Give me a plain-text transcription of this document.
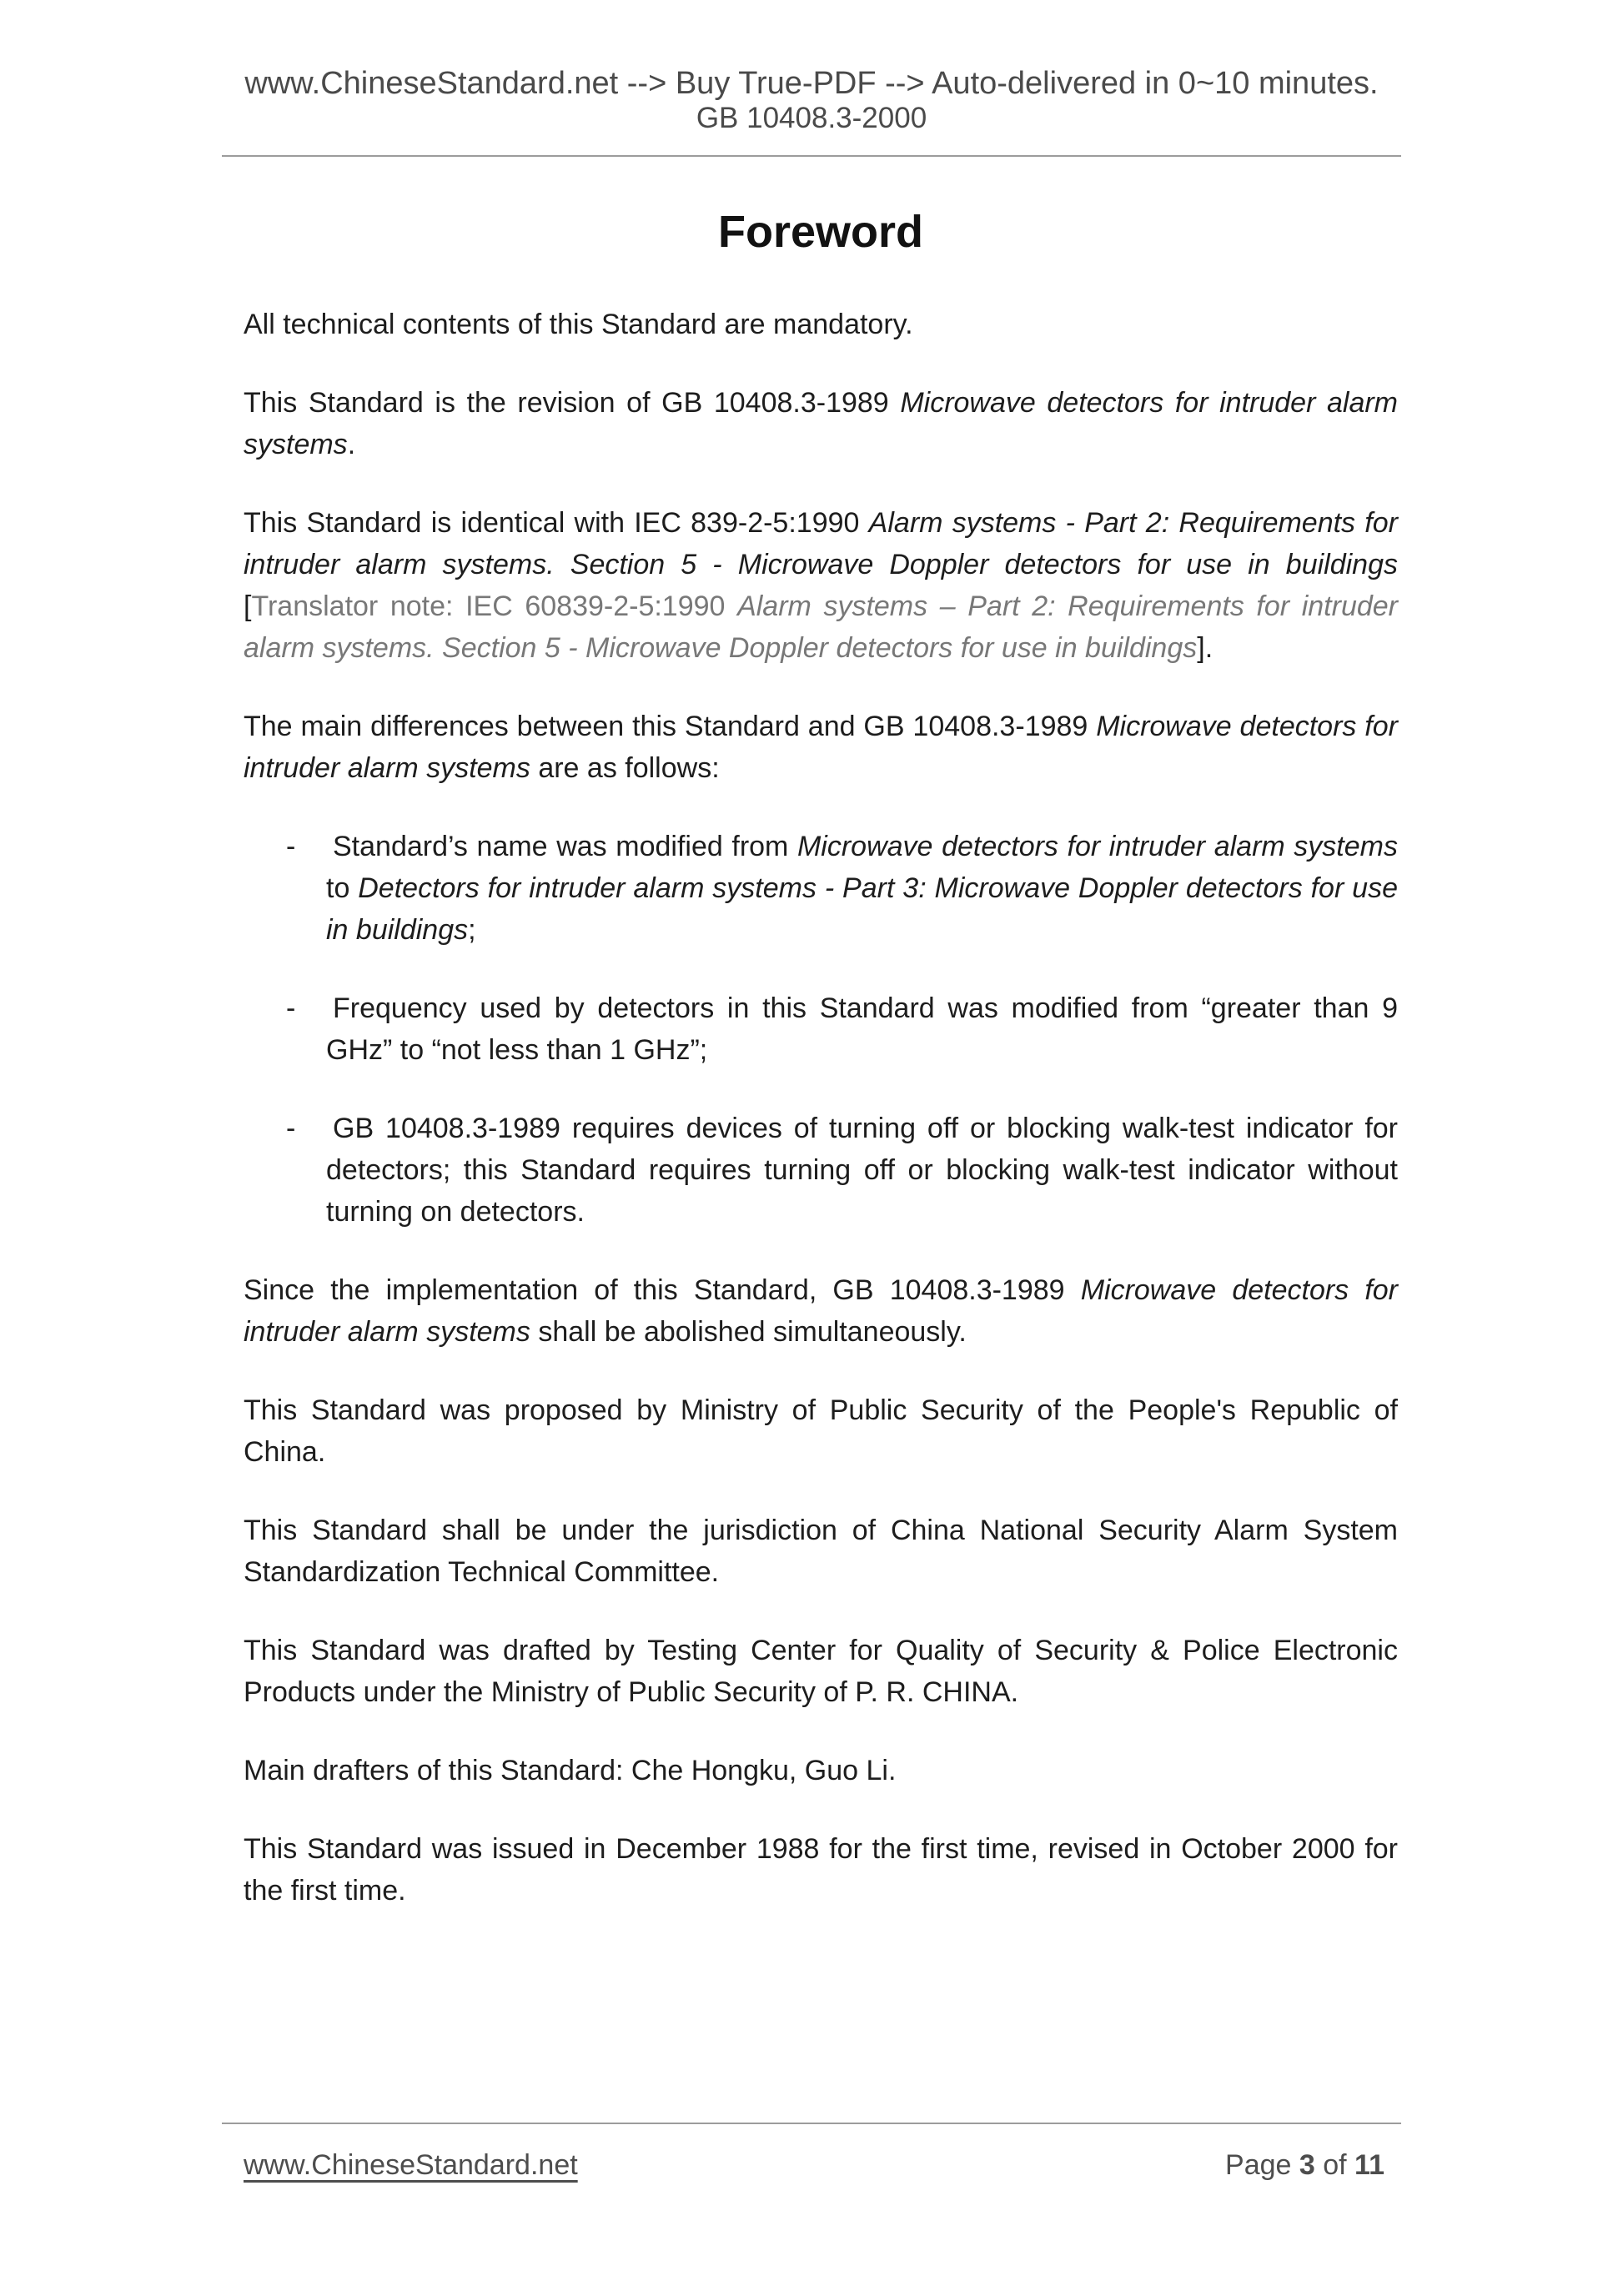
www.ChineseStandard.net --> Buy True-PDF --> Auto-delivered in 0~10 minutes.
GB 10408.3-2000
Foreword

All technical contents of this Standard are mandatory.

This Standard is the revision of GB 10408.3-1989 Microwave detectors for intruder alarm systems.

This Standard is identical with IEC 839-2-5:1990 Alarm systems - Part 2: Requirements for intruder alarm systems. Section 5 - Microwave Doppler detectors for use in buildings [Translator note: IEC 60839-2-5:1990 Alarm systems – Part 2: Requirements for intruder alarm systems. Section 5 - Microwave Doppler detectors for use in buildings].

The main differences between this Standard and GB 10408.3-1989 Microwave detectors for intruder alarm systems are as follows:

- Standard’s name was modified from Microwave detectors for intruder alarm systems to Detectors for intruder alarm systems - Part 3: Microwave Doppler detectors for use in buildings;

- Frequency used by detectors in this Standard was modified from “greater than 9 GHz” to “not less than 1 GHz”;

- GB 10408.3-1989 requires devices of turning off or blocking walk-test indicator for detectors; this Standard requires turning off or blocking walk-test indicator without turning on detectors.

Since the implementation of this Standard, GB 10408.3-1989 Microwave detectors for intruder alarm systems shall be abolished simultaneously.

This Standard was proposed by Ministry of Public Security of the People's Republic of China.

This Standard shall be under the jurisdiction of China National Security Alarm System Standardization Technical Committee.

This Standard was drafted by Testing Center for Quality of Security & Police Electronic Products under the Ministry of Public Security of P. R. CHINA.

Main drafters of this Standard: Che Hongku, Guo Li.

This Standard was issued in December 1988 for the first time, revised in October 2000 for the first time.

www.ChineseStandard.net	Page 3 of 11
